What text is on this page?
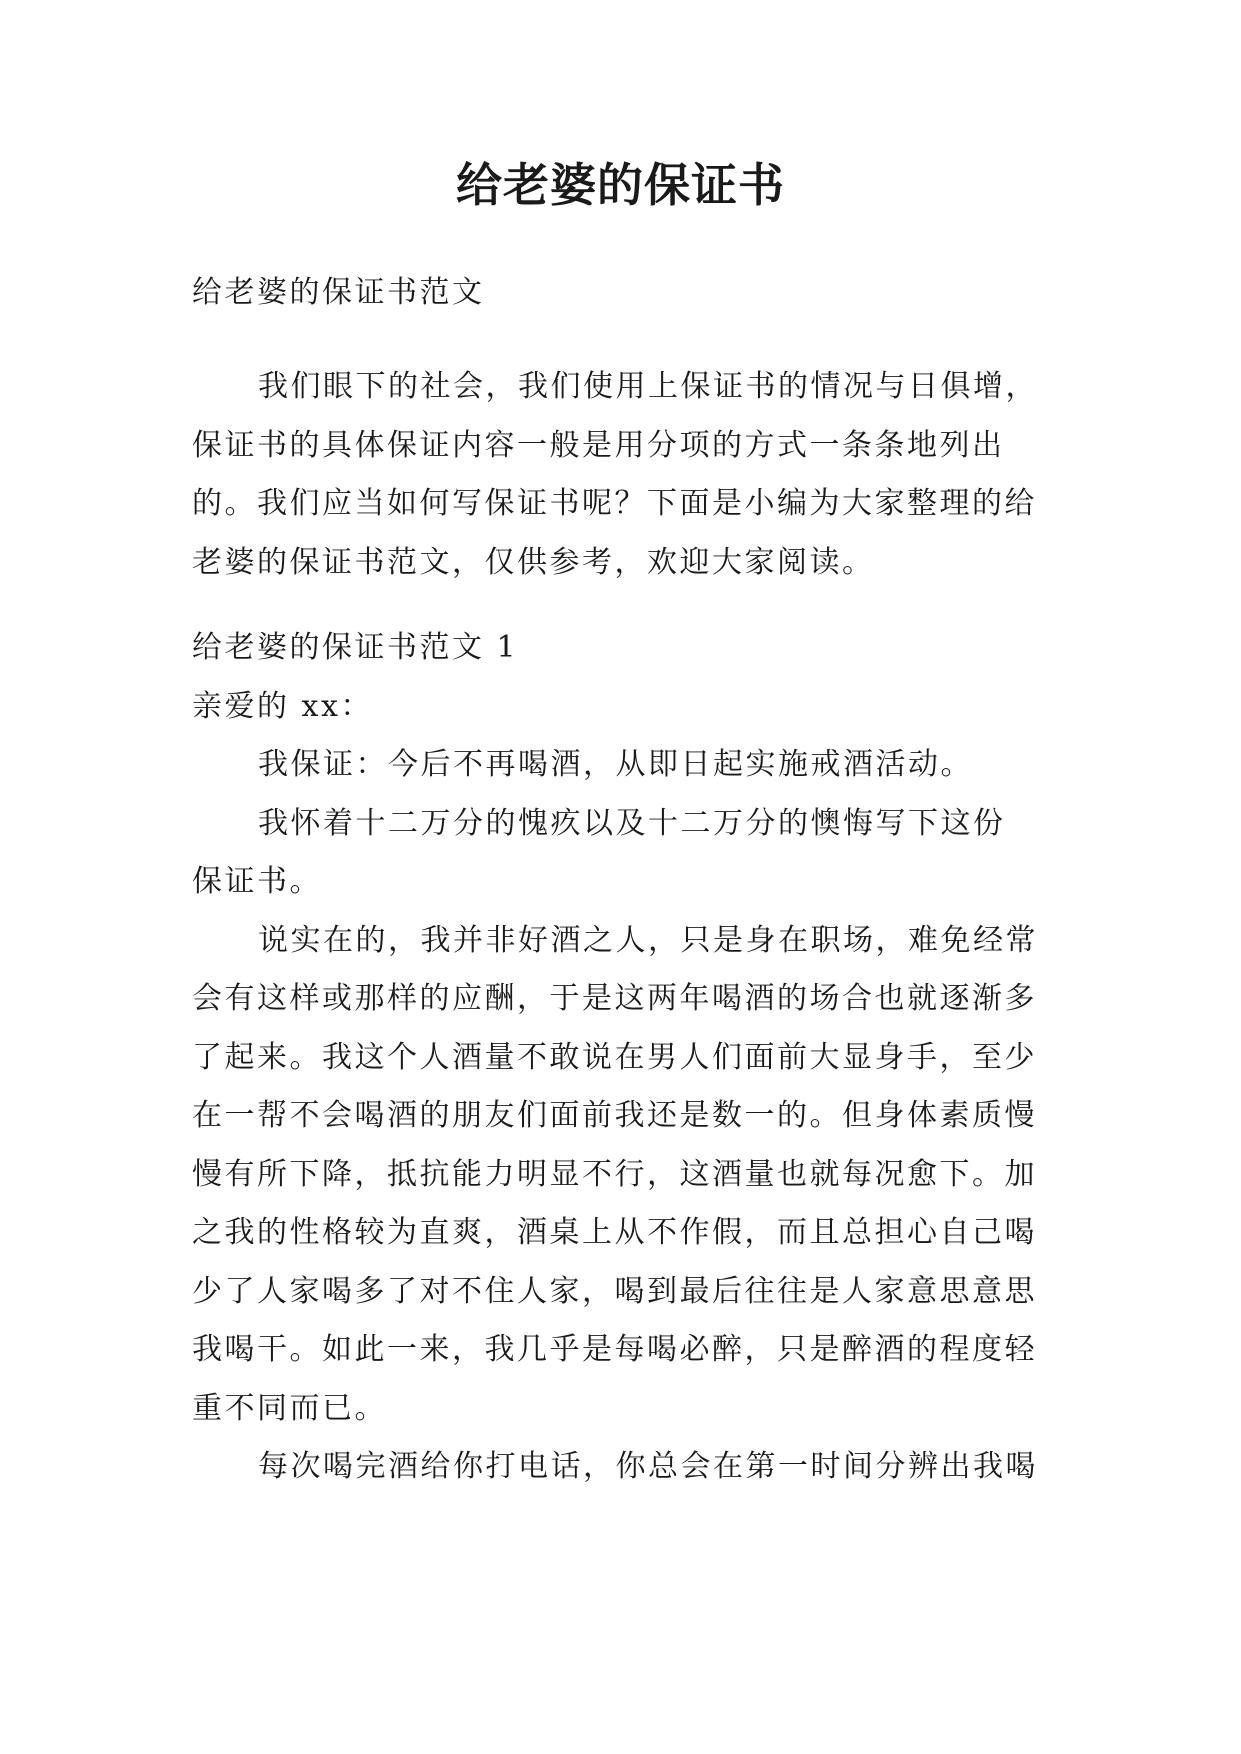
给老婆的保证书
给老婆的保证书范文
我们眼下的社会，我们使用上保证书的情况与日俱增，
保证书的具体保证内容一般是用分项的方式一条条地列出
的。我们应当如何写保证书呢？下面是小编为大家整理的给
老婆的保证书范文，仅供参考，欢迎大家阅读。
给老婆的保证书范文 1
亲爱的 xx：
我保证：今后不再喝酒，从即日起实施戒酒活动。
我怀着十二万分的愧疚以及十二万分的懊悔写下这份
保证书。
说实在的，我并非好酒之人，只是身在职场，难免经常
会有这样或那样的应酬，于是这两年喝酒的场合也就逐渐多
了起来。我这个人酒量不敢说在男人们面前大显身手，至少
在一帮不会喝酒的朋友们面前我还是数一的。但身体素质慢
慢有所下降，抵抗能力明显不行，这酒量也就每况愈下。加
之我的性格较为直爽，酒桌上从不作假，而且总担心自己喝
少了人家喝多了对不住人家，喝到最后往往是人家意思意思
我喝干。如此一来，我几乎是每喝必醉，只是醉酒的程度轻
重不同而已。
每次喝完酒给你打电话，你总会在第一时间分辨出我喝
